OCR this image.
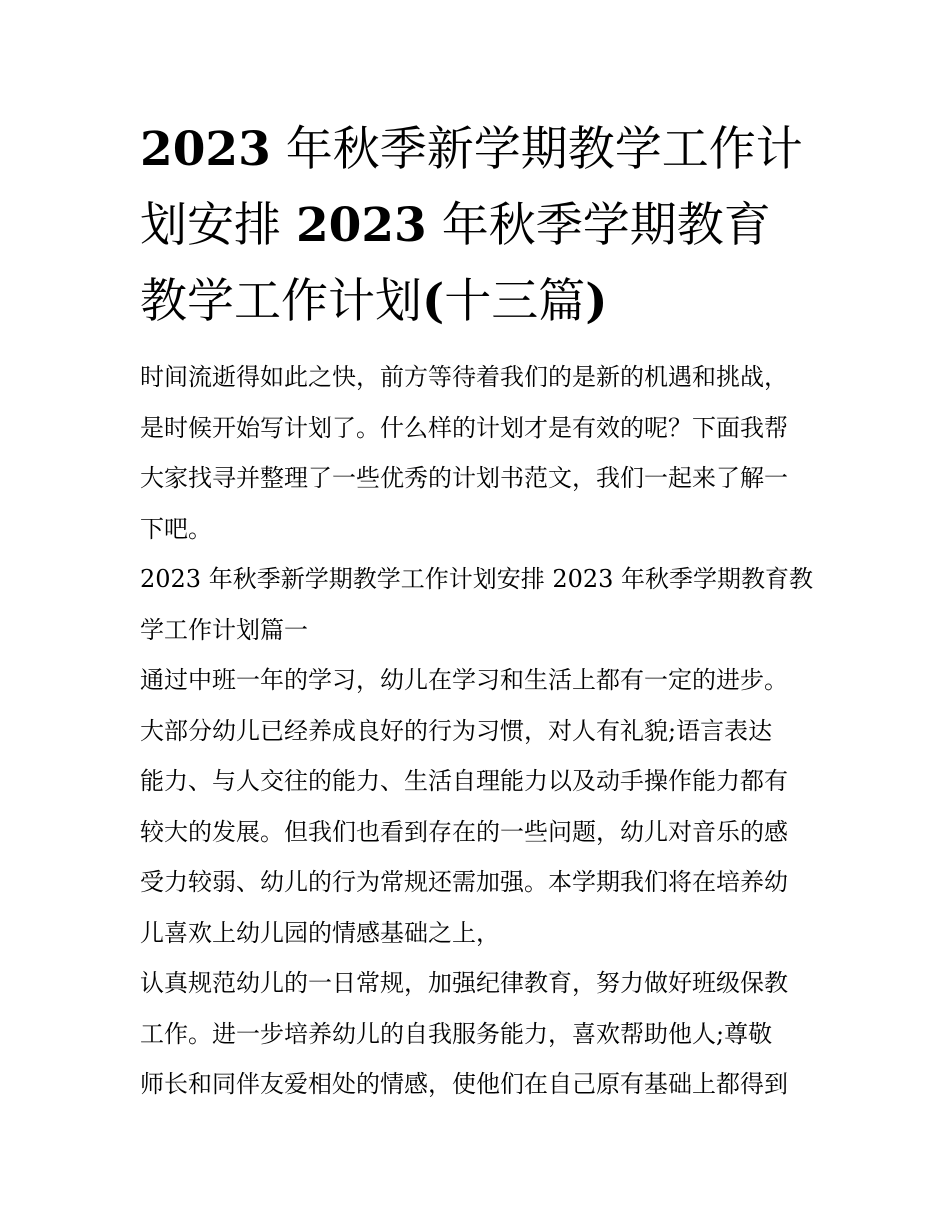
2023 年秋季新学期教学工作计
划安排 2023 年秋季学期教育
教学工作计划(十三篇)
时间流逝得如此之快，前方等待着我们的是新的机遇和挑战，
是时候开始写计划了。什么样的计划才是有效的呢？下面我帮
大家找寻并整理了一些优秀的计划书范文，我们一起来了解一
下吧。
2023 年秋季新学期教学工作计划安排 2023 年秋季学期教育教
学工作计划篇一
通过中班一年的学习，幼儿在学习和生活上都有一定的进步。
大部分幼儿已经养成良好的行为习惯，对人有礼貌;语言表达
能力、与人交往的能力、生活自理能力以及动手操作能力都有
较大的发展。但我们也看到存在的一些问题，幼儿对音乐的感
受力较弱、幼儿的行为常规还需加强。本学期我们将在培养幼
儿喜欢上幼儿园的情感基础之上，
认真规范幼儿的一日常规，加强纪律教育，努力做好班级保教
工作。进一步培养幼儿的自我服务能力，喜欢帮助他人;尊敬
师长和同伴友爱相处的情感，使他们在自己原有基础上都得到
